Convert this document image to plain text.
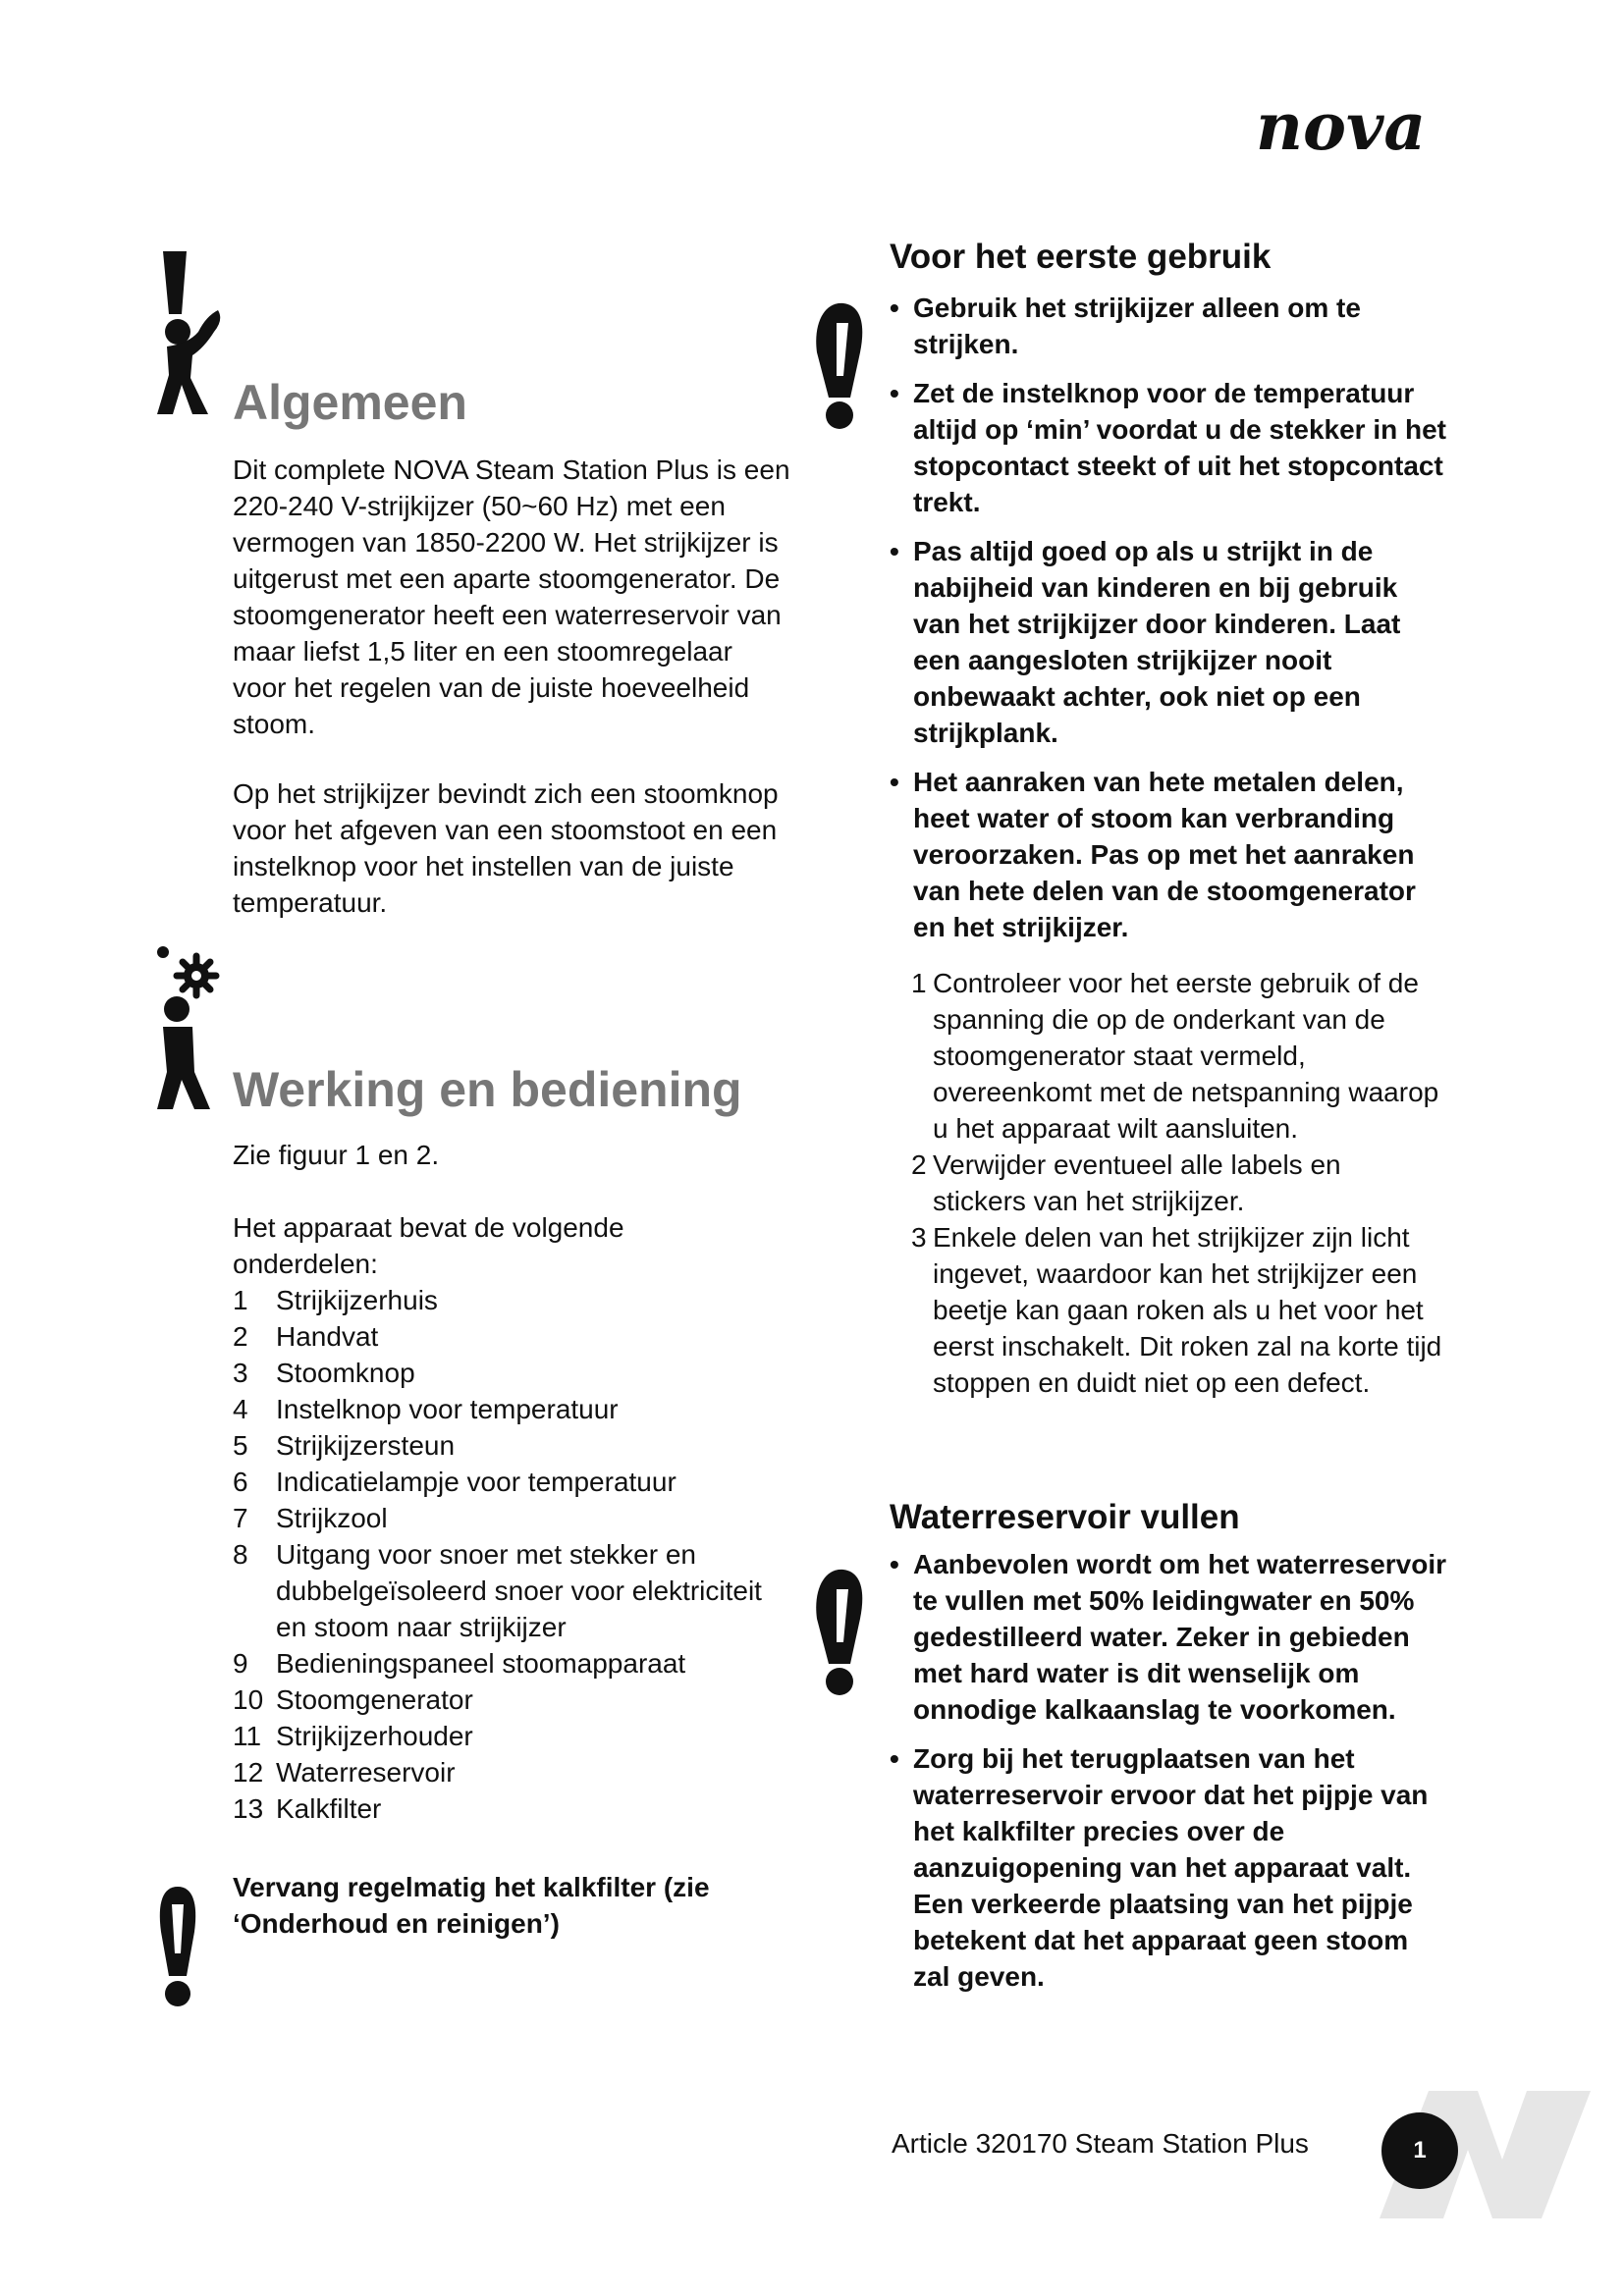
nova
Algemeen

Dit complete NOVA Steam Station Plus is een 220-240 V-strijkijzer (50~60 Hz) met een vermogen van 1850-2200 W. Het strijkijzer is uitgerust met een aparte stoomgenerator. De stoomgenerator heeft een waterreservoir van maar liefst 1,5 liter en een stoomregelaar voor het regelen van de juiste hoeveelheid stoom.

Op het strijkijzer bevindt zich een stoomknop voor het afgeven van een stoomstoot en een instelknop voor het instellen van de juiste temperatuur.

Werking en bediening

Zie figuur 1 en 2.

Het apparaat bevat de volgende onderdelen:

1 Strijkijzerhuis
2 Handvat
3 Stoomknop
4 Instelknop voor temperatuur
5 Strijkijzersteun
6 Indicatielampje voor temperatuur
7 Strijkzool
8 Uitgang voor snoer met stekker en dubbelgeïsoleerd snoer voor elektriciteit en stoom naar strijkijzer
9 Bedieningspaneel stoomapparaat
10 Stoomgenerator
11 Strijkijzerhouder
12 Waterreservoir
13 Kalkfilter

Vervang regelmatig het kalkfilter (zie ‘Onderhoud en reinigen’)

Voor het eerste gebruik

• Gebruik het strijkijzer alleen om te strijken.

• Zet de instelknop voor de temperatuur altijd op ‘min’ voordat u de stekker in het stopcontact steekt of uit het stopcontact trekt.

• Pas altijd goed op als u strijkt in de nabijheid van kinderen en bij gebruik van het strijkijzer door kinderen. Laat een aangesloten strijkijzer nooit onbewaakt achter, ook niet op een strijkplank.

• Het aanraken van hete metalen delen, heet water of stoom kan verbranding veroorzaken. Pas op met het aanraken van hete delen van de stoomgenerator en het strijkijzer.

1 Controleer voor het eerste gebruik of de spanning die op de onderkant van de stoomgenerator staat vermeld, overeenkomt met de netspanning waarop u het apparaat wilt aansluiten.
2 Verwijder eventueel alle labels en stickers van het strijkijzer.
3 Enkele delen van het strijkijzer zijn licht ingevet, waardoor kan het strijkijzer een beetje kan gaan roken als u het voor het eerst inschakelt. Dit roken zal na korte tijd stoppen en duidt niet op een defect.
Waterreservoir vullen

• Aanbevolen wordt om het waterreservoir te vullen met 50% leidingwater en 50% gedestilleerd water. Zeker in gebieden met hard water is dit wenselijk om onnodige kalkaanslag te voorkomen.

• Zorg bij het terugplaatsen van het waterreservoir ervoor dat het pijpje van het kalkfilter precies over de aanzuigopening van het apparaat valt. Een verkeerde plaatsing van het pijpje betekent dat het apparaat geen stoom zal geven.

Article 320170 Steam Station Plus	1
